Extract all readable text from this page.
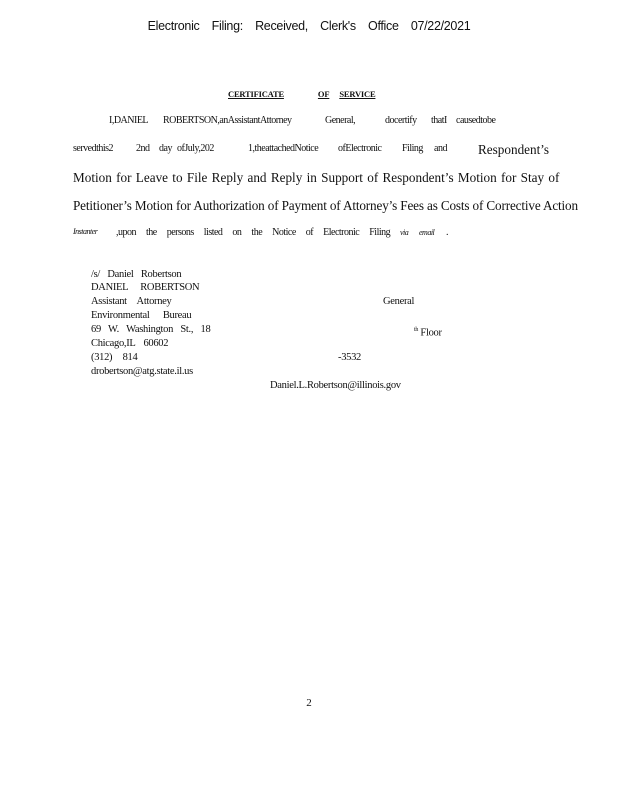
Electronic Filing: Received, Clerk's Office 07/22/2021
CERTIFICATE	OF SERVICE
I,DANIEL ROBERTSON,anAssistantAttorney	General,	docertify thatI causedtobe
servedthis2 2nd day ofJuly,202	1,theattachedNotice ofElectronic Filing and Respondent’s
Motion for Leave to File Reply and Reply in Support of Respondent’s Motion for Stay of
Petitioner’s Motion for Authorization of Payment of Attorney’s Fees as Costs of Corrective Action
Instanter ,upon the persons listed on the Notice of Electronic Filing via email .
/s/ Daniel Robertson
DANIEL ROBERTSON
Assistant Attorney	General
Environmental Bureau
69 W. Washington St., 18	$^{th}$ Floor
Chicago,IL 60602
(312) 814	-3532
drobertson@atg.state.il.us
Daniel.L.Robertson@illinois.gov
2
